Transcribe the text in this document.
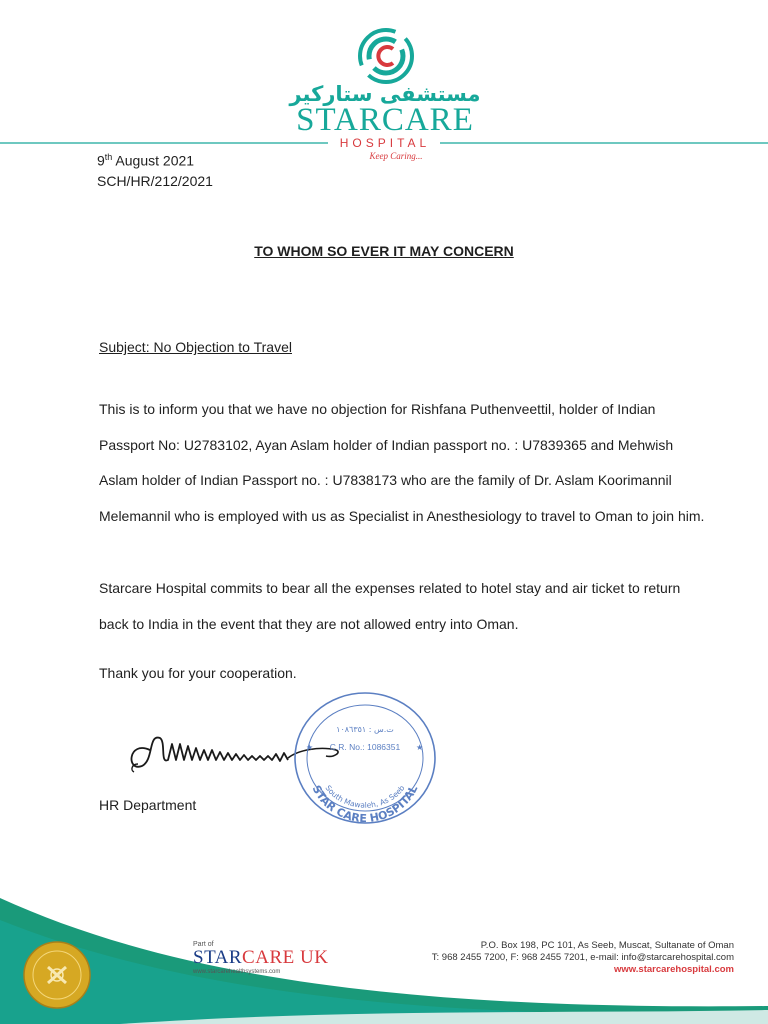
مستشفى ستاركير
STARCARE
HOSPITAL
Keep Caring...
9th August 2021
SCH/HR/212/2021
TO WHOM SO EVER IT MAY CONCERN
Subject: No Objection to Travel
This is to inform you that we have no objection for Rishfana Puthenveettil, holder of Indian Passport No: U2783102, Ayan Aslam holder of Indian passport no. : U7839365 and Mehwish Aslam holder of Indian Passport no. : U7838173 who are the family of Dr. Aslam Koorimannil Melemannil who is employed with us as Specialist in Anesthesiology to travel to Oman to join him.
Starcare Hospital commits to bear all the expenses related to hotel stay and air ticket to return back to India in the event that they are not allowed entry into Oman.
Thank you for your cooperation.
STAR CARE HOSPITAL
South Mawaleh, As Seeb
ت.س : ١٠٨٦٣٥١
C.R. No.: 1086351
★	★
HR Department
Part of
STARCARE UK
www.starcarehealthsystems.com
P.O. Box 198, PC 101, As Seeb, Muscat, Sultanate of Oman
T: 968 2455 7200, F: 968 2455 7201, e-mail: info@starcarehospital.com
www.starcarehospital.com
